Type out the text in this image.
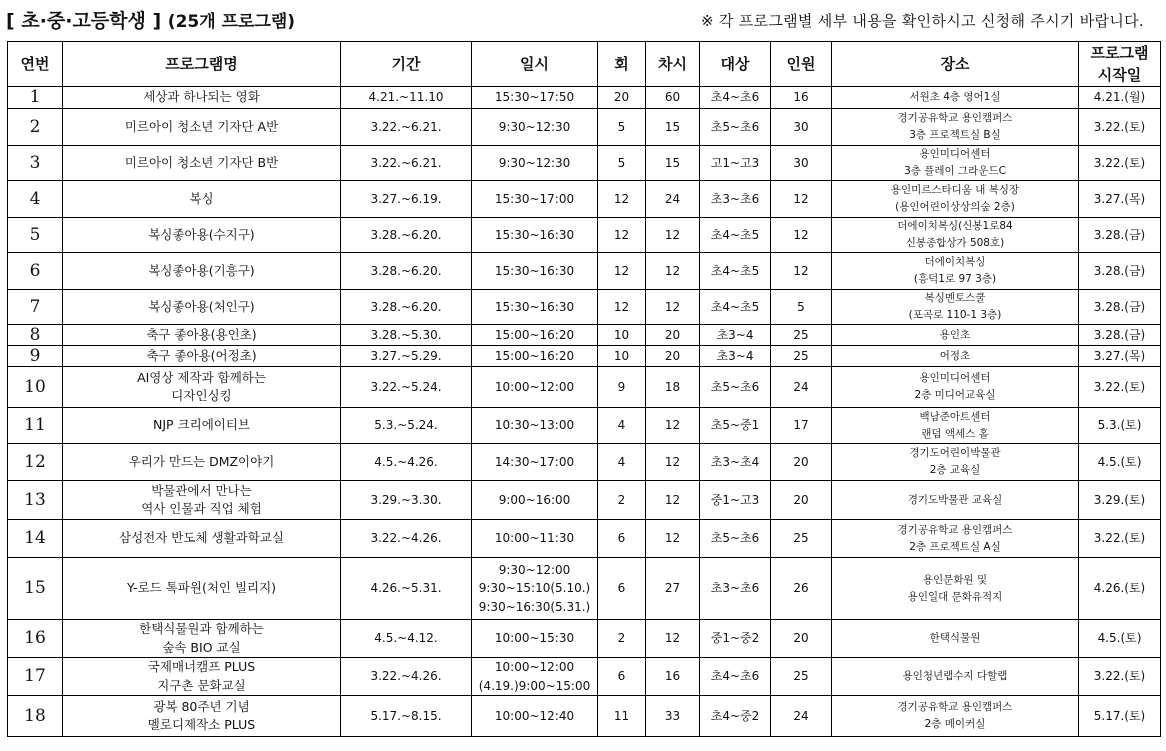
[ 초·중·고등학생 ] (25개 프로그램)	※ 각 프로그램별 세부 내용을 확인하시고 신청해 주시기 바랍니다.
연번	프로그램명	기간	일시	회	차시	대상	인원	장소	프로그램
시작일

1	세상과 하나되는 영화	4.21.~11.10	15:30~17:50	20	60	초4~초6	16	서원초 4층 영어1실	4.21.(월)
2	미르아이 청소년 기자단 A반	3.22.~6.21.	9:30~12:30	5	15	초5~초6	30	경기공유학교 용인캠퍼스
3층 프로젝트실 B실	3.22.(토)
3	미르아이 청소년 기자단 B반	3.22.~6.21.	9:30~12:30	5	15	고1~고3	30	용인미디어센터
3층 플레이 그라운드C	3.22.(토)
4	복싱	3.27.~6.19.	15:30~17:00	12	24	초3~초6	12	용인미르스타디움 내 복싱장
(용인어린이상상의숲 2층)	3.27.(목)
5	복싱좋아용(수지구)	3.28.~6.20.	15:30~16:30	12	12	초4~초5	12	더에이치복싱(신봉1로84
신봉종합상가 508호)	3.28.(금)
6	복싱좋아용(기흥구)	3.28.~6.20.	15:30~16:30	12	12	초4~초5	12	더에이치복싱
(흥덕1로 97 3층)	3.28.(금)
7	복싱좋아용(처인구)	3.28.~6.20.	15:30~16:30	12	12	초4~초5	5	복싱멘토스쿨
(포곡로 110-1 3층)	3.28.(금)
8	축구 좋아용(용인초)	3.28.~5.30.	15:00~16:20	10	20	초3~4	25	용인초	3.28.(금)
9	축구 좋아용(어정초)	3.27.~5.29.	15:00~16:20	10	20	초3~4	25	어정초	3.27.(목)
10	AI영상 제작과 함께하는
디자인싱킹	3.22.~5.24.	10:00~12:00	9	18	초5~초6	24	용인미디어센터
2층 미디어교육실	3.22.(토)
11	NJP 크리에이티브	5.3.~5.24.	10:30~13:00	4	12	초5~중1	17	백남준아트센터
랜덤 액세스 홀	5.3.(토)
12	우리가 만드는 DMZ이야기	4.5.~4.26.	14:30~17:00	4	12	초3~초4	20	경기도어린이박물관
2층 교육실	4.5.(토)
13	박물관에서 만나는
역사 인물과 직업 체험	3.29.~3.30.	9:00~16:00	2	12	중1~고3	20	경기도박물관 교육실	3.29.(토)
14	삼성전자 반도체 생활과학교실	3.22.~4.26.	10:00~11:30	6	12	초5~초6	25	경기공유학교 용인캠퍼스
2층 프로젝트실 A실	3.22.(토)
15	Y-로드 톡파원(처인 빌리지)	4.26.~5.31.	9:30~12:00
9:30~15:10(5.10.)
9:30~16:30(5.31.)	6	27	초3~초6	26	용인문화원 및
용인일대 문화유적지	4.26.(토)
16	한택식물원과 함께하는
숲속 BIO 교실	4.5.~4.12.	10:00~15:30	2	12	중1~중2	20	한택식물원	4.5.(토)
17	국제매너캠프 PLUS
지구촌 문화교실	3.22.~4.26.	10:00~12:00
(4.19.)9:00~15:00	6	16	초4~초6	25	용인청년랩수지 다할랩	3.22.(토)
18	광복 80주년 기념
멜로디제작소 PLUS	5.17.~8.15.	10:00~12:40	11	33	초4~중2	24	경기공유학교 용인캠퍼스
2층 메이커실	5.17.(토)
